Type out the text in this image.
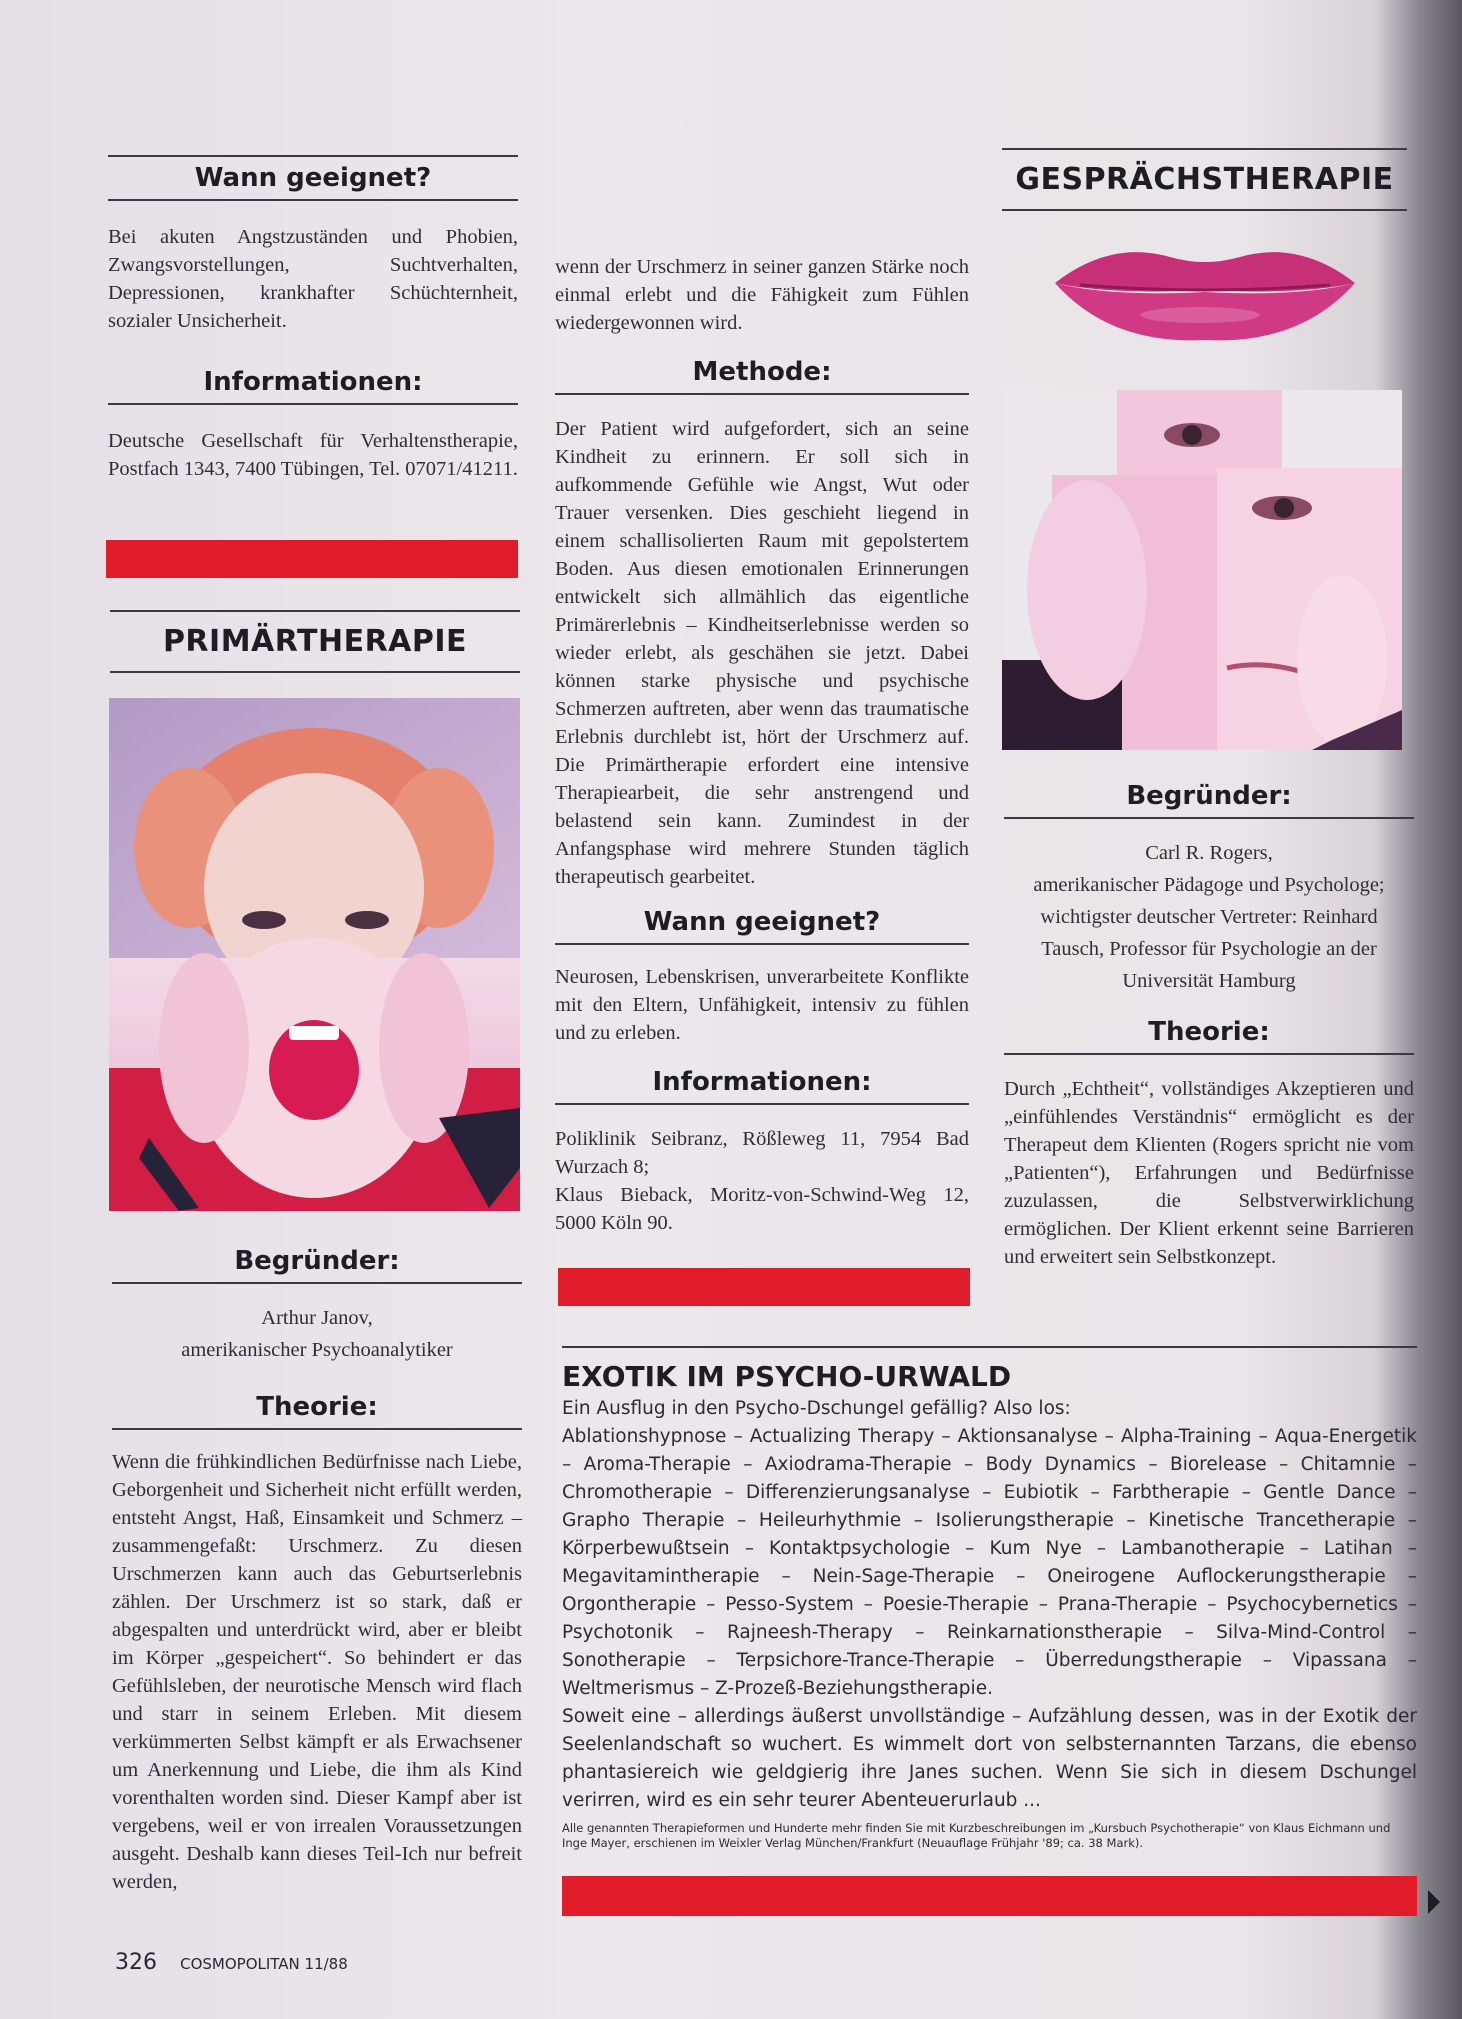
Wann geeignet?

Bei akuten Angstzuständen und Phobien, Zwangsvorstellungen, Suchtverhalten, Depressionen, krankhafter Schüchternheit, sozialer Unsicherheit.

Informationen:

Deutsche Gesellschaft für Verhaltenstherapie, Postfach 1343, 7400 Tübingen, Tel. 07071/41211.

PRIMÄRTHERAPIE
Begründer:

Arthur Janov,

amerikanischer Psychoanalytiker

Theorie:

Wenn die frühkindlichen Bedürfnisse nach Liebe, Geborgenheit und Sicherheit nicht erfüllt werden, entsteht Angst, Haß, Einsamkeit und Schmerz – zusammengefaßt: Urschmerz. Zu diesen Urschmerzen kann auch das Geburtserlebnis zählen. Der Urschmerz ist so stark, daß er abgespalten und unterdrückt wird, aber er bleibt im Körper „gespeichert“. So behindert er das Gefühlsleben, der neurotische Mensch wird flach und starr in seinem Erleben. Mit diesem verkümmerten Selbst kämpft er als Erwachsener um Anerkennung und Liebe, die ihm als Kind vorenthalten worden sind. Dieser Kampf aber ist vergebens, weil er von irrealen Voraussetzungen ausgeht. Deshalb kann dieses Teil-Ich nur befreit werden,

wenn der Urschmerz in seiner ganzen Stärke noch einmal erlebt und die Fähigkeit zum Fühlen wiedergewonnen wird.

Methode:

Der Patient wird aufgefordert, sich an seine Kindheit zu erinnern. Er soll sich in aufkommende Gefühle wie Angst, Wut oder Trauer versenken. Dies geschieht liegend in einem schallisolierten Raum mit gepolstertem Boden. Aus diesen emotionalen Erinnerungen entwickelt sich allmählich das eigentliche Primärerlebnis – Kindheitserlebnisse werden so wieder erlebt, als geschähen sie jetzt. Dabei können starke physische und psychische Schmerzen auftreten, aber wenn das traumatische Erlebnis durchlebt ist, hört der Urschmerz auf. Die Primärtherapie erfordert eine intensive Therapiearbeit, die sehr anstrengend und belastend sein kann. Zumindest in der Anfangsphase wird mehrere Stunden täglich therapeutisch gearbeitet.

Wann geeignet?

Neurosen, Lebenskrisen, unverarbeitete Konflikte mit den Eltern, Unfähigkeit, intensiv zu fühlen und zu erleben.

Informationen:

Poliklinik Seibranz, Rößleweg 11, 7954 Bad Wurzach 8;

Klaus Bieback, Moritz-von-Schwind-Weg 12, 5000 Köln 90.

GESPRÄCHSTHERAPIE
Begründer:

Carl R. Rogers,

amerikanischer Pädagoge und Psychologe;

wichtigster deutscher Vertreter: Reinhard

Tausch, Professor für Psychologie an der

Universität Hamburg

Theorie:

Durch „Echtheit“, vollständiges Akzeptieren und „einfühlendes Verständnis“ ermöglicht es der Therapeut dem Klienten (Rogers spricht nie vom „Patienten“), Erfahrungen und Bedürfnisse zuzulassen, die Selbstverwirklichung ermöglichen. Der Klient erkennt seine Barrieren und erweitert sein Selbstkonzept.

EXOTIK IM PSYCHO-URWALD

Ein Ausflug in den Psycho-Dschungel gefällig? Also los:

Ablationshypnose – Actualizing Therapy – Aktionsanalyse – Alpha-Training – Aqua-Energetik – Aroma-Therapie – Axiodrama-Therapie – Body Dynamics – Biorelease – Chitamnie – Chromotherapie – Differenzierungsanalyse – Eubiotik – Farbtherapie – Gentle Dance – Grapho Therapie – Heileurhythmie – Isolierungstherapie – Kinetische Trancetherapie – Körperbewußtsein – Kontaktpsychologie – Kum Nye – Lambanotherapie – Latihan – Megavitamintherapie – Nein-Sage-Therapie – Oneirogene Auflockerungstherapie – Orgontherapie – Pesso-System – Poesie-Therapie – Prana-Therapie – Psychocybernetics – Psychotonik – Rajneesh-Therapy – Reinkarnationstherapie – Silva-Mind-Control – Sonotherapie – Terpsichore-Trance-Therapie – Überredungstherapie – Vipassana – Weltmerismus – Z-Prozeß-Beziehungstherapie.

Soweit eine – allerdings äußerst unvollständige – Aufzählung dessen, was in der Exotik der Seelenlandschaft so wuchert. Es wimmelt dort von selbsternannten Tarzans, die ebenso phantasiereich wie geldgierig ihre Janes suchen. Wenn Sie sich in diesem Dschungel verirren, wird es ein sehr teurer Abenteuerurlaub ...

Alle genannten Therapieformen und Hunderte mehr finden Sie mit Kurzbeschreibungen im „Kursbuch Psychotherapie“ von Klaus Eichmann und Inge Mayer, erschienen im Weixler Verlag München/Frankfurt (Neuauflage Frühjahr '89; ca. 38 Mark).

326 COSMOPOLITAN 11/88
